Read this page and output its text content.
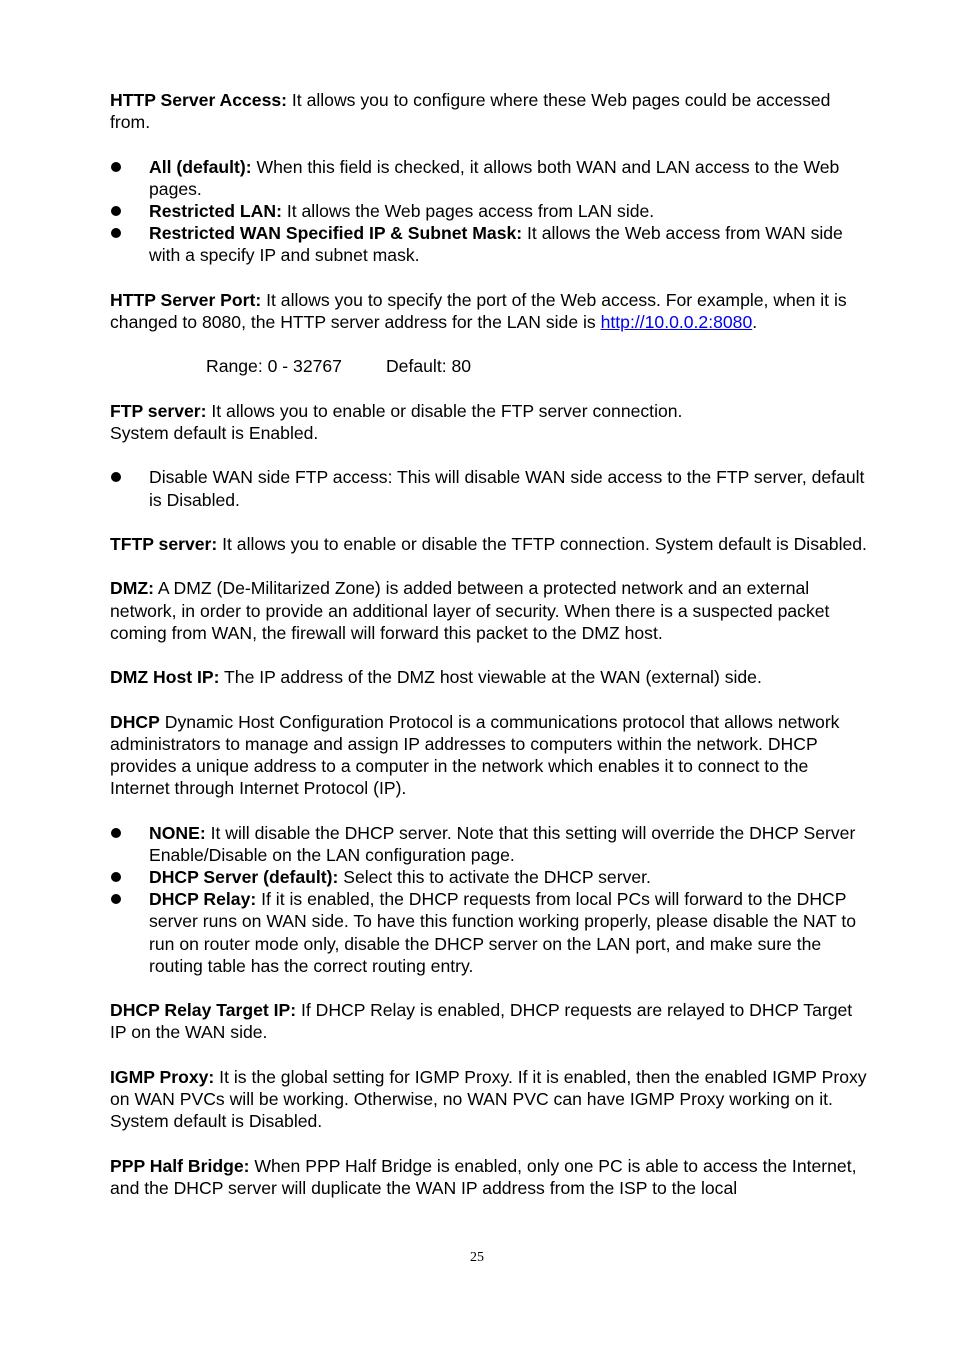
HTTP Server Access: It allows you to configure where these Web pages could be accessed from.

All (default): When this field is checked, it allows both WAN and LAN access to the Web pages.
Restricted LAN: It allows the Web pages access from LAN side.
Restricted WAN Specified IP & Subnet Mask: It allows the Web access from WAN side with a specify IP and subnet mask.

HTTP Server Port: It allows you to specify the port of the Web access. For example, when it is changed to 8080, the HTTP server address for the LAN side is http://10.0.0.2:8080.

Range: 0 - 32767	Default: 80

FTP server: It allows you to enable or disable the FTP server connection.
System default is Enabled.

Disable WAN side FTP access: This will disable WAN side access to the FTP server, default is Disabled.

TFTP server: It allows you to enable or disable the TFTP connection. System default is Disabled.

DMZ: A DMZ (De-Militarized Zone) is added between a protected network and an external network, in order to provide an additional layer of security. When there is a suspected packet coming from WAN, the firewall will forward this packet to the DMZ host.

DMZ Host IP: The IP address of the DMZ host viewable at the WAN (external) side.

DHCP Dynamic Host Configuration Protocol is a communications protocol that allows network administrators to manage and assign IP addresses to computers within the network. DHCP provides a unique address to a computer in the network which enables it to connect to the Internet through Internet Protocol (IP).

NONE: It will disable the DHCP server. Note that this setting will override the DHCP Server Enable/Disable on the LAN configuration page.
DHCP Server (default): Select this to activate the DHCP server.
DHCP Relay: If it is enabled, the DHCP requests from local PCs will forward to the DHCP server runs on WAN side. To have this function working properly, please disable the NAT to run on router mode only, disable the DHCP server on the LAN port, and make sure the routing table has the correct routing entry.

DHCP Relay Target IP: If DHCP Relay is enabled, DHCP requests are relayed to DHCP Target IP on the WAN side.

IGMP Proxy: It is the global setting for IGMP Proxy. If it is enabled, then the enabled IGMP Proxy on WAN PVCs will be working. Otherwise, no WAN PVC can have IGMP Proxy working on it. System default is Disabled.

PPP Half Bridge: When PPP Half Bridge is enabled, only one PC is able to access the Internet, and the DHCP server will duplicate the WAN IP address from the ISP to the local

25
